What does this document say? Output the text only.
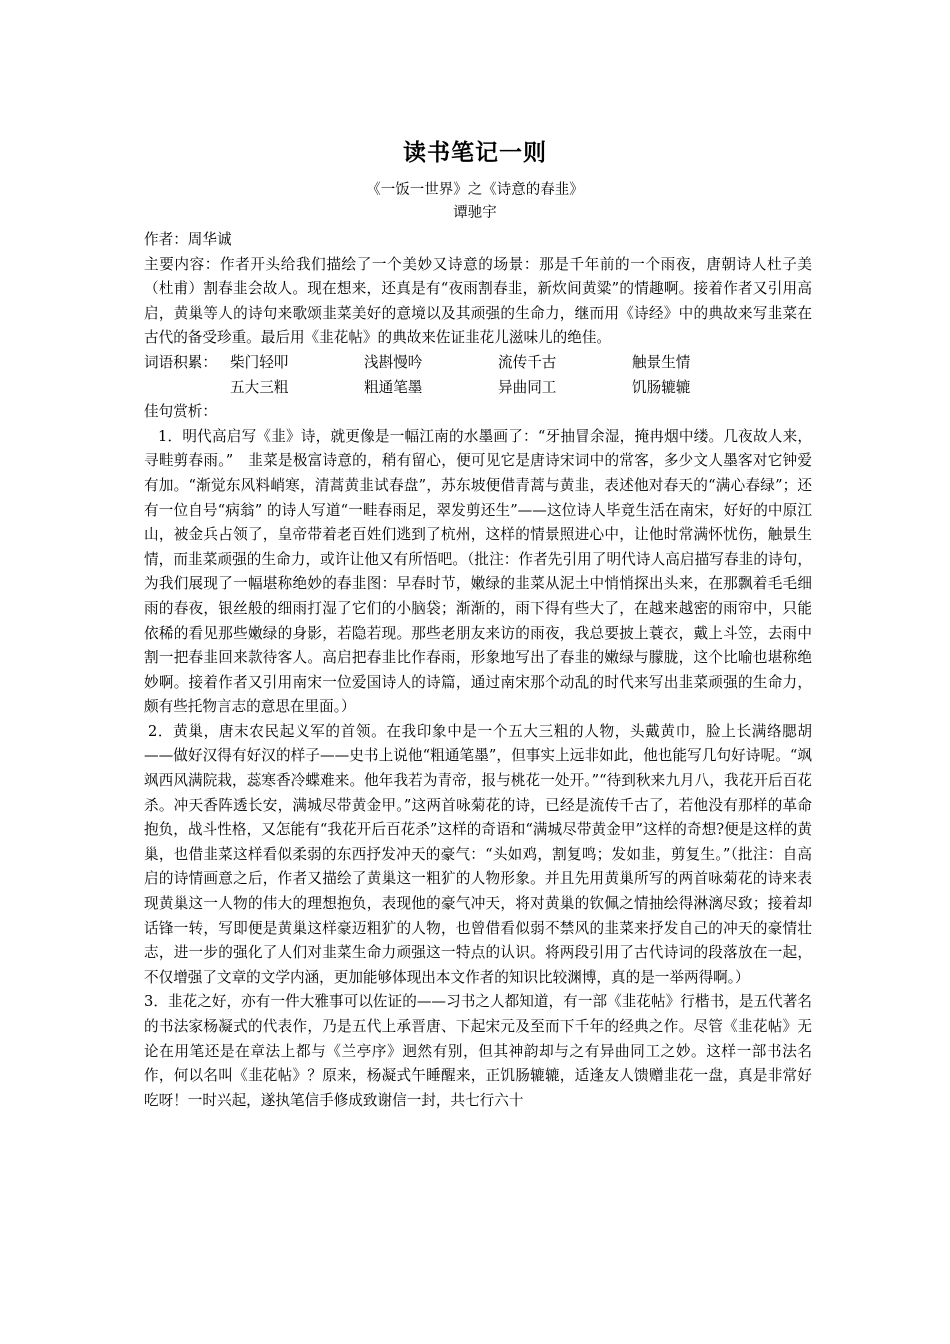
读书笔记一则
《一饭一世界》之《诗意的春韭》
谭驰宇

作者：周华诚

主要内容：作者开头给我们描绘了一个美妙又诗意的场景：那是千年前的一个雨夜，唐朝诗人杜子美（杜甫）割春韭会故人。现在想来，还真是有“夜雨割春韭，新炊间黄粱”的情趣啊。接着作者又引用高启，黄巢等人的诗句来歌颂韭菜美好的意境以及其顽强的生命力，继而用《诗经》中的典故来写韭菜在古代的备受珍重。最后用《韭花帖》的典故来佐证韭花儿滋味儿的绝佳。

词语积累： 柴门轻叩	浅斟慢吟	流传千古	触景生情
五大三粗	粗通笔墨	异曲同工	饥肠辘辘

佳句赏析：

1．明代高启写《韭》诗，就更像是一幅江南的水墨画了：“牙抽冒余湿，掩冉烟中缕。几夜故人来，寻畦剪春雨。”　韭菜是极富诗意的，稍有留心，便可见它是唐诗宋词中的常客，多少文人墨客对它钟爱有加。“渐觉东风料峭寒，清蒿黄韭试春盘”，苏东坡便借青蒿与黄韭，表述他对春天的“满心春绿”；还有一位自号“病翁” 的诗人写道“一畦春雨足，翠发剪还生”——这位诗人毕竟生活在南宋，好好的中原江山，被金兵占领了，皇帝带着老百姓们逃到了杭州，这样的情景照进心中，让他时常满怀忧伤，触景生情，而韭菜顽强的生命力，或许让他又有所悟吧。（批注：作者先引用了明代诗人高启描写春韭的诗句，为我们展现了一幅堪称绝妙的春韭图：早春时节，嫩绿的韭菜从泥土中悄悄探出头来，在那飘着毛毛细雨的春夜，银丝般的细雨打湿了它们的小脑袋；渐渐的，雨下得有些大了，在越来越密的雨帘中，只能依稀的看见那些嫩绿的身影，若隐若现。那些老朋友来访的雨夜，我总要披上蓑衣，戴上斗笠，去雨中割一把春韭回来款待客人。高启把春韭比作春雨，形象地写出了春韭的嫩绿与朦胧，这个比喻也堪称绝妙啊。接着作者又引用南宋一位爱国诗人的诗篇，通过南宋那个动乱的时代来写出韭菜顽强的生命力，颇有些托物言志的意思在里面。）

2．黄巢，唐末农民起义军的首领。在我印象中是一个五大三粗的人物，头戴黄巾，脸上长满络腮胡——做好汉得有好汉的样子——史书上说他“粗通笔墨”，但事实上远非如此，他也能写几句好诗呢。“飒飒西风满院栽，蕊寒香冷蝶难来。他年我若为青帝，报与桃花一处开。”“待到秋来九月八，我花开后百花杀。冲天香阵透长安，满城尽带黄金甲。”这两首咏菊花的诗，已经是流传千古了，若他没有那样的革命抱负，战斗性格，又怎能有“我花开后百花杀”这样的奇语和“满城尽带黄金甲”这样的奇想?便是这样的黄巢，也借韭菜这样看似柔弱的东西抒发冲天的豪气：“头如鸡，割复鸣；发如韭，剪复生。”（批注：自高启的诗情画意之后，作者又描绘了黄巢这一粗犷的人物形象。并且先用黄巢所写的两首咏菊花的诗来表现黄巢这一人物的伟大的理想抱负，表现他的豪气冲天，将对黄巢的钦佩之情抽绘得淋漓尽致；接着却话锋一转，写即便是黄巢这样豪迈粗犷的人物，也曾借看似弱不禁风的韭菜来抒发自己的冲天的豪情壮志，进一步的强化了人们对韭菜生命力顽强这一特点的认识。将两段引用了古代诗词的段落放在一起，不仅增强了文章的文学内涵，更加能够体现出本文作者的知识比较渊博，真的是一举两得啊。）

3．韭花之好，亦有一件大雅事可以佐证的——习书之人都知道，有一部《韭花帖》行楷书，是五代著名的书法家杨凝式的代表作，乃是五代上承晋唐、下起宋元及至而下千年的经典之作。尽管《韭花帖》无论在用笔还是在章法上都与《兰亭序》迥然有别，但其神韵却与之有异曲同工之妙。这样一部书法名作，何以名叫《韭花帖》？原来，杨凝式午睡醒来，正饥肠辘辘，适逢友人馈赠韭花一盘，真是非常好吃呀！一时兴起，遂执笔信手修成致谢信一封，共七行六十
